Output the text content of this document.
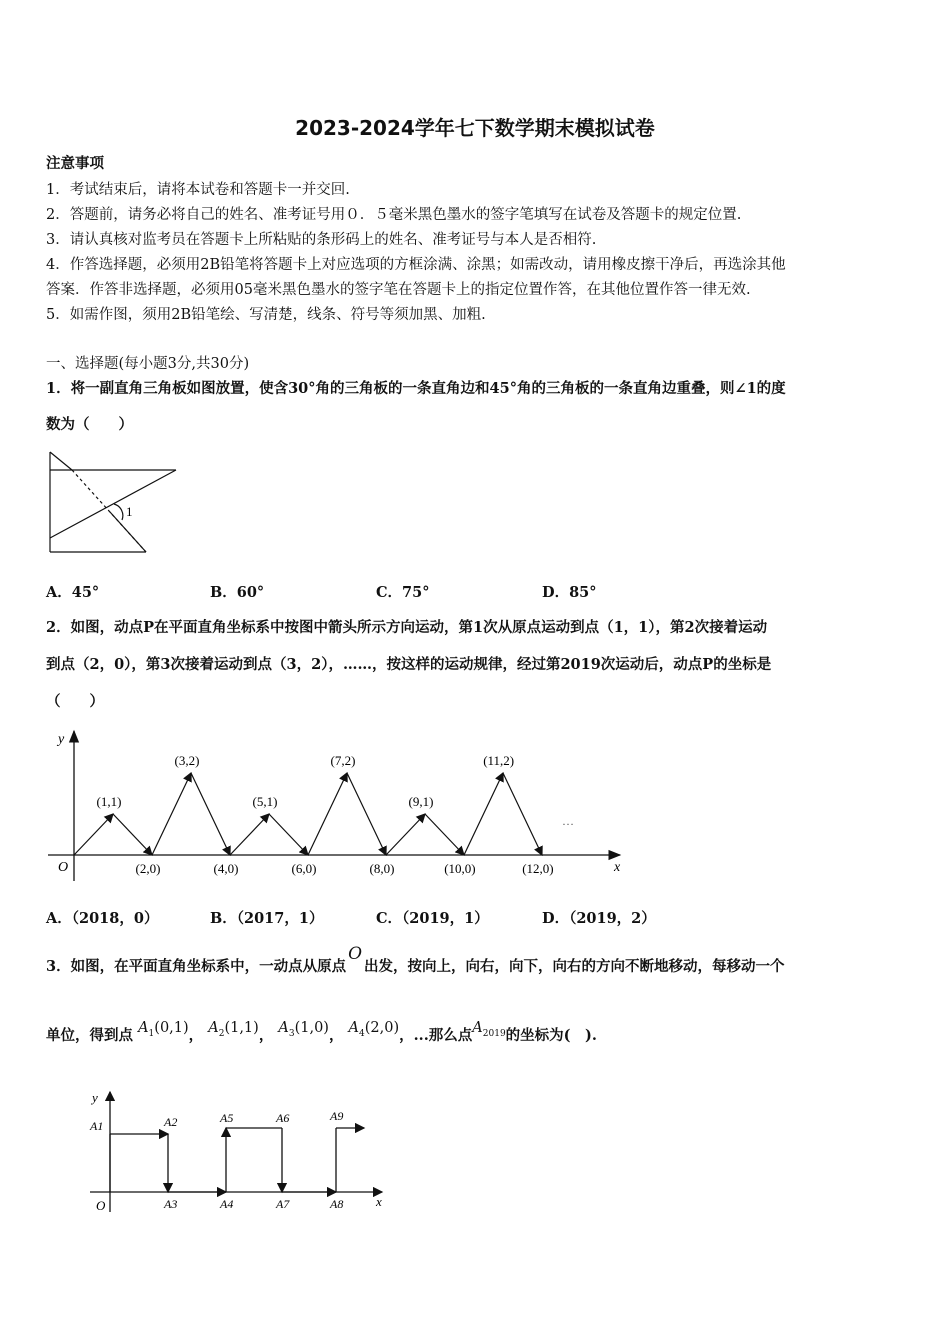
2023-2024学年七下数学期末模拟试卷
注意事项
1．考试结束后，请将本试卷和答题卡一并交回.
2．答题前，请务必将自己的姓名、准考证号用０．５毫米黑色墨水的签字笔填写在试卷及答题卡的规定位置.
3．请认真核对监考员在答题卡上所粘贴的条形码上的姓名、准考证号与本人是否相符.
4．作答选择题，必须用2B铅笔将答题卡上对应选项的方框涂满、涂黑；如需改动，请用橡皮擦干净后，再选涂其他
答案．作答非选择题，必须用05毫米黑色墨水的签字笔在答题卡上的指定位置作答，在其他位置作答一律无效.
5．如需作图，须用2B铅笔绘、写清楚，线条、符号等须加黑、加粗.
一、选择题(每小题3分,共30分)
1．将一副直角三角板如图放置，使含30°角的三角板的一条直角边和45°角的三角板的一条直角边重叠，则∠1的度
数为（　　）
1
A．45°	B．60°	C．75°	D．85°
2．如图，动点P在平面直角坐标系中按图中箭头所示方向运动，第1次从原点运动到点（1，1），第2次接着运动
到点（2，0），第3次接着运动到点（3，2），……，按这样的运动规律，经过第2019次运动后，动点P的坐标是
（　　）
x
y
O
…
(1,1)
(2,0)
(3,2)
(4,0)
(5,1)
(6,0)
(7,2)
(8,0)
(9,1)
(10,0)
(11,2)
(12,0)
A．（2018，0）	B．（2017，1）	C．（2019，1）	D．（2019，2）
3．如图，在平面直角坐标系中，一动点从原点O出发，按向上，向右，向下，向右的方向不断地移动，每移动一个
单位，得到点 $A_1(0,1)$， $A_2(1,1)$， $A_3(1,0)$， $A_4(2,0)$，...那么点$A_{2019}$的坐标为(　).
x
y
O
A1	A2
A3	A4
A5	A6
A7	A8
A9
